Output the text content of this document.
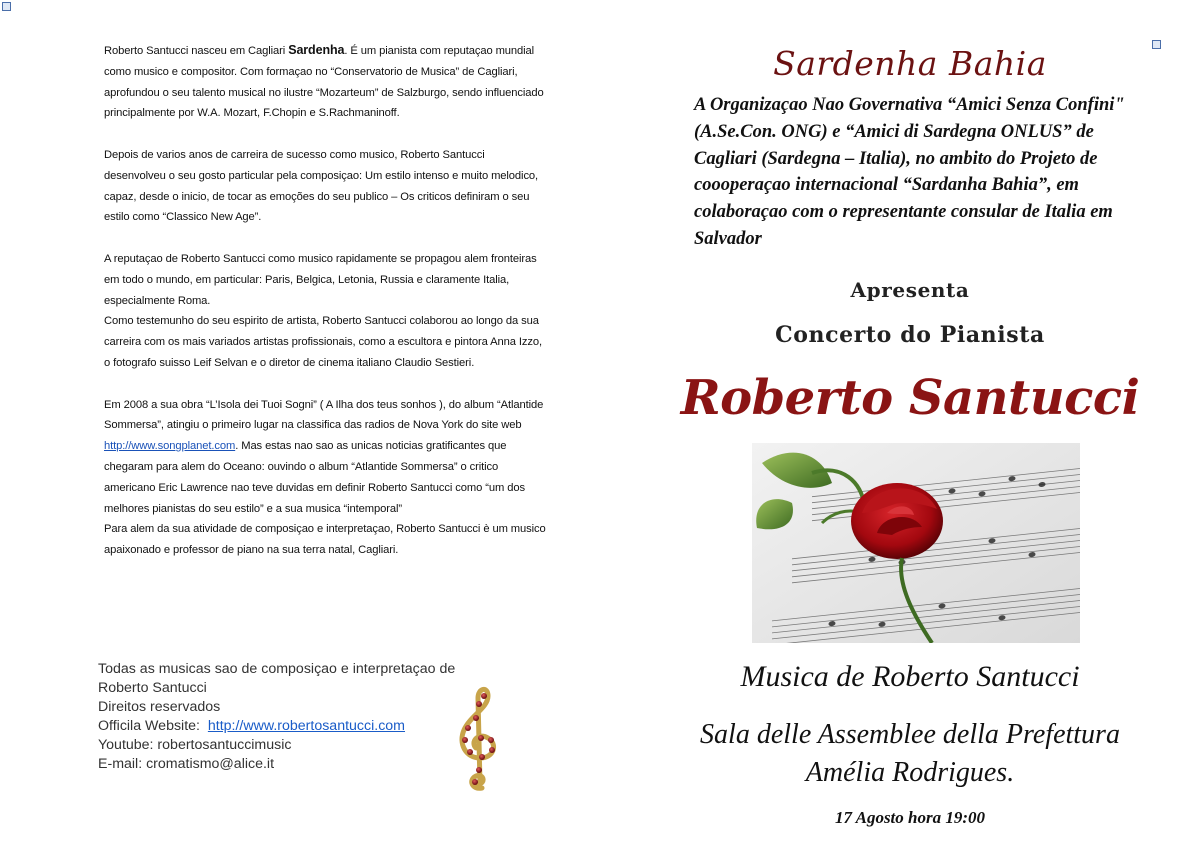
Roberto Santucci nasceu em Cagliari Sardenha. É um pianista com reputaçao mundial como musico e compositor. Com formaçao no “Conservatorio de Musica” de Cagliari, aprofundou o seu talento musical no ilustre “Mozarteum” de Salzburgo, sendo influenciado principalmente por W.A. Mozart, F.Chopin e S.Rachmaninoff.

Depois de varios anos de carreira de sucesso como musico, Roberto Santucci desenvolveu o seu gosto particular pela composiçao: Um estilo intenso e muito melodico, capaz, desde o inicio, de tocar as emoções do seu publico – Os criticos definiram o seu estilo como “Classico New Age”.

A reputaçao de Roberto Santucci como musico rapidamente se propagou alem fronteiras em todo o mundo, em particular: Paris, Belgica, Letonia, Russia e claramente Italia, especialmente Roma.

Como testemunho do seu espirito de artista, Roberto Santucci colaborou ao longo da sua carreira com os mais variados artistas profissionais, como a escultora e pintora Anna Izzo, o fotografo suisso Leif Selvan e o diretor de cinema italiano Claudio Sestieri.

Em 2008 a sua obra “L’Isola dei Tuoi Sogni” ( A Ilha dos teus sonhos ), do album “Atlantide Sommersa”, atingiu o primeiro lugar na classifica das radios de Nova York do site web http://www.songplanet.com. Mas estas nao sao as unicas noticias gratificantes que chegaram para alem do Oceano: ouvindo o album “Atlantide Sommersa” o critico americano Eric Lawrence nao teve duvidas em definir Roberto Santucci como “um dos melhores pianistas do seu estilo” e a sua musica “intemporal”

Para alem da sua atividade de composiçao e interpretaçao, Roberto Santucci è um musico apaixonado e professor de piano na sua terra natal, Cagliari.

Todas as musicas sao de composiçao e interpretaçao de
Roberto Santucci
Direitos reservados
Officila Website:  http://www.robertosantucci.com
Youtube: robertosantuccimusic
E-mail: cromatismo@alice.it
Sardenha Bahia
A Organizaçao Nao Governativa “Amici Senza Confini" (A.Se.Con. ONG) e “Amici di Sardegna ONLUS” de Cagliari (Sardegna – Italia), no ambito do Projeto de coooperaçao internacional “Sardanha Bahia”, em colaboraçao com o representante consular de Italia em Salvador
Apresenta
Concerto do Pianista
Roberto Santucci
Musica de Roberto Santucci
Sala delle Assemblee della Prefettura
Amélia Rodrigues.
17 Agosto hora 19:00
